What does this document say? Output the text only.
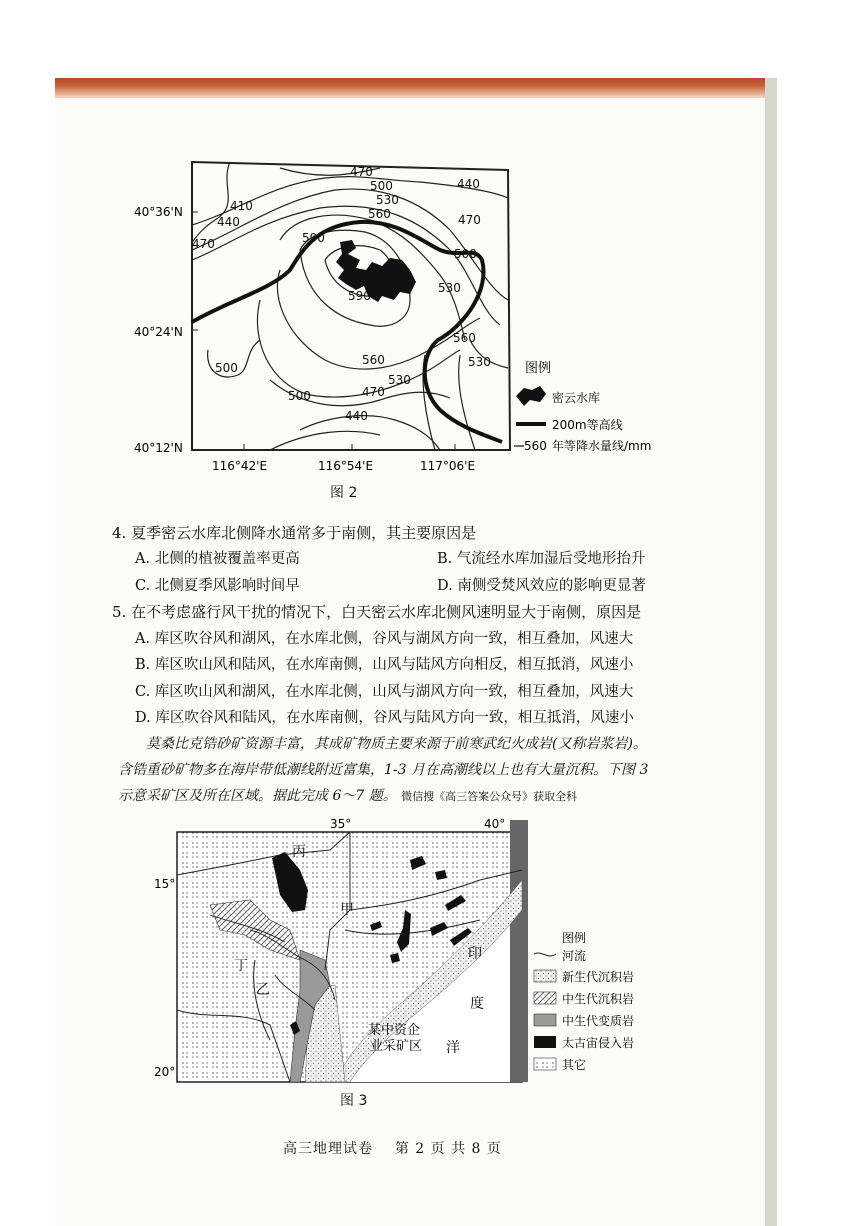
40°36'N
40°24'N
40°12'N
116°42'E	116°54'E	117°06'E
470
500	440
410	530
560
440	470
590
500
590
530
470
560
500
560	530
530
500	470
440
图例
密云水库
200m等高线
560 年等降水量线/mm
图 2
4. 夏季密云水库北侧降水通常多于南侧，其主要原因是
A. 北侧的植被覆盖率更高	B. 气流经水库加湿后受地形抬升
C. 北侧夏季风影响时间早	D. 南侧受焚风效应的影响更显著
5. 在不考虑盛行风干扰的情况下，白天密云水库北侧风速明显大于南侧，原因是
A. 库区吹谷风和湖风，在水库北侧，谷风与湖风方向一致，相互叠加，风速大
B. 库区吹山风和陆风，在水库南侧，山风与陆风方向相反，相互抵消，风速小
C. 库区吹山风和湖风，在水库北侧，山风与湖风方向一致，相互叠加，风速大
D. 库区吹谷风和陆风，在水库南侧，谷风与陆风方向一致，相互抵消，风速小
莫桑比克锆砂矿资源丰富，其成矿物质主要来源于前寒武纪火成岩(又称岩浆岩)。
含锆重砂矿物多在海岸带低潮线附近富集，1-3 月在高潮线以上也有大量沉积。下图 3
示意采矿区及所在区域。据此完成 6～7 题。 微信搜《高三答案公众号》获取全科
35°	40°
15°
20°
丙
甲
丁
乙
印
度
洋
某中资企
业采矿区
图例
河流
新生代沉积岩
中生代沉积岩
中生代变质岩
太古宙侵入岩
其它
图 3
高三地理试卷 第 2 页 共 8 页
